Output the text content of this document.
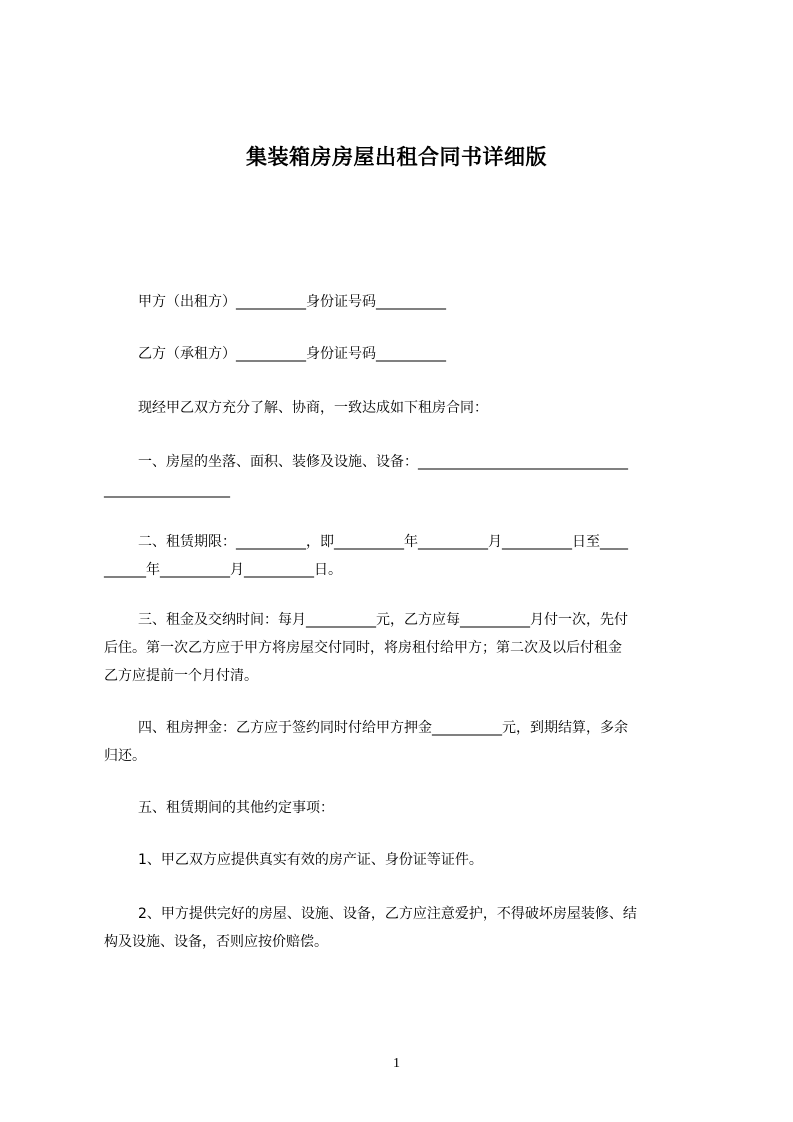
集装箱房房屋出租合同书详细版
甲方（出租方）__________身份证号码__________
乙方（承租方）__________身份证号码__________
现经甲乙双方充分了解、协商，一致达成如下租房合同：
一、房屋的坐落、面积、装修及设施、设备：______________________________
__________________
二、租赁期限：__________，即__________年__________月__________日至____
______年__________月__________日。
三、租金及交纳时间：每月__________元，乙方应每__________月付一次，先付
后住。第一次乙方应于甲方将房屋交付同时，将房租付给甲方；第二次及以后付租金
乙方应提前一个月付清。
四、租房押金：乙方应于签约同时付给甲方押金__________元，到期结算，多余
归还。
五、租赁期间的其他约定事项：
1、甲乙双方应提供真实有效的房产证、身份证等证件。
2、甲方提供完好的房屋、设施、设备，乙方应注意爱护，不得破坏房屋装修、结
构及设施、设备，否则应按价赔偿。
1
